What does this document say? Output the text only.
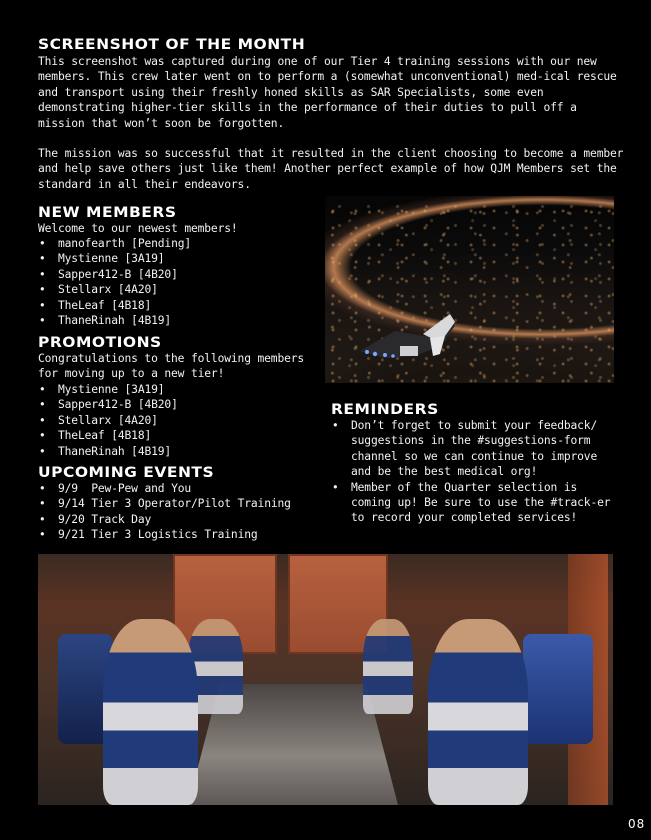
SCREENSHOT OF THE MONTH
This screenshot was captured during one of our Tier 4 training sessions with our new members. This crew later went on to perform a (somewhat unconventional) med-ical rescue and transport using their freshly honed skills as SAR Specialists, some even demonstrating higher-tier skills in the performance of their duties to pull off a mission that won’t soon be forgotten.
The mission was so successful that it resulted in the client choosing to become a member and help save others just like them! Another perfect example of how QJM Members set the standard in all their endeavors.
NEW MEMBERS
Welcome to our newest members!
• manofearth [Pending]
• Mystienne [3A19]
• Sapper412-B [4B20]
• Stellarx [4A20]
• TheLeaf [4B18]
• ThaneRinah [4B19]
PROMOTIONS
Congratulations to the following members for moving up to a new tier!
• Mystienne [3A19]
• Sapper412-B [4B20]
• Stellarx [4A20]
• TheLeaf [4B18]
• ThaneRinah [4B19]
UPCOMING EVENTS
• 9/9  Pew-Pew and You
• 9/14 Tier 3 Operator/Pilot Training
• 9/20 Track Day
• 9/21 Tier 3 Logistics Training
REMINDERS
• Don’t forget to submit your feedback/ suggestions in the #suggestions-form channel so we can continue to improve and be the best medical org!
• Member of the Quarter selection is coming up! Be sure to use the #track-er to record your completed services!
08
